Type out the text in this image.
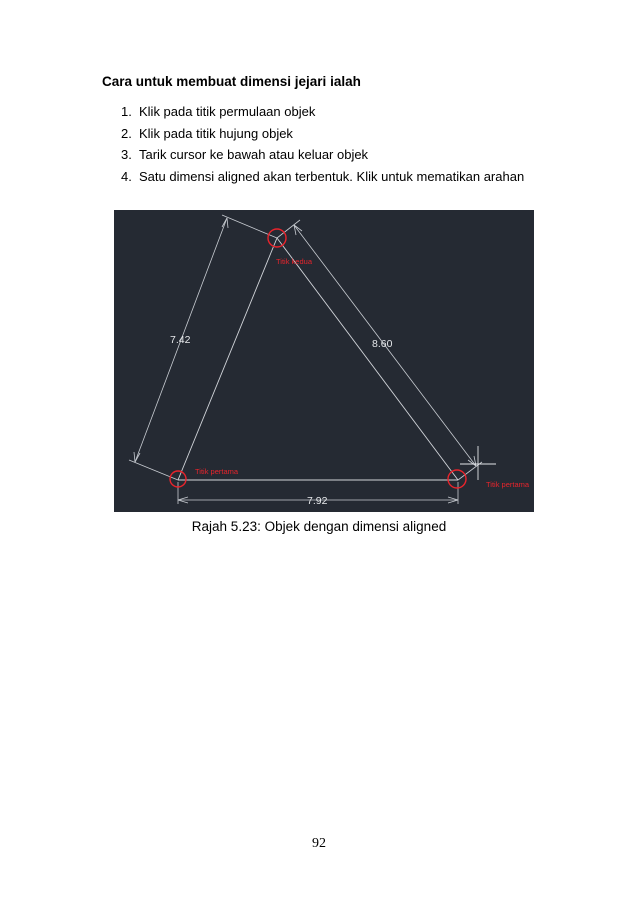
Cara untuk membuat dimensi jejari ialah
1. Klik pada titik permulaan objek
2. Klik pada titik hujung objek
3. Tarik cursor ke bawah atau keluar objek
4. Satu dimensi aligned akan terbentuk. Klik untuk mematikan arahan
Titik kedua
Titik pertama
Titik pertama
7.42	8.60
7.92
Rajah 5.23: Objek dengan dimensi aligned
92
